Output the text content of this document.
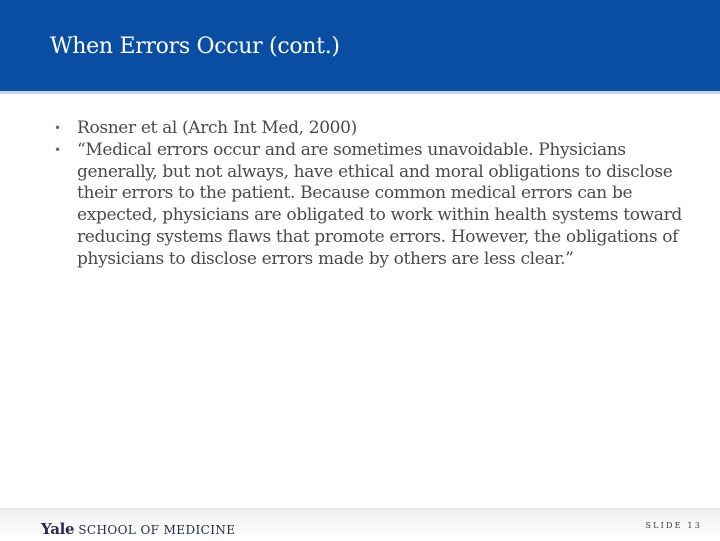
When Errors Occur (cont.)
• Rosner et al (Arch Int Med, 2000)
• “Medical errors occur and are sometimes unavoidable. Physicians generally, but not always, have ethical and moral obligations to disclose their errors to the patient. Because common medical errors can be expected, physicians are obligated to work within health systems toward reducing systems flaws that promote errors. However, the obligations of physicians to disclose errors made by others are less clear.”
Yale SCHOOL OF MEDICINE	SLIDE 13
